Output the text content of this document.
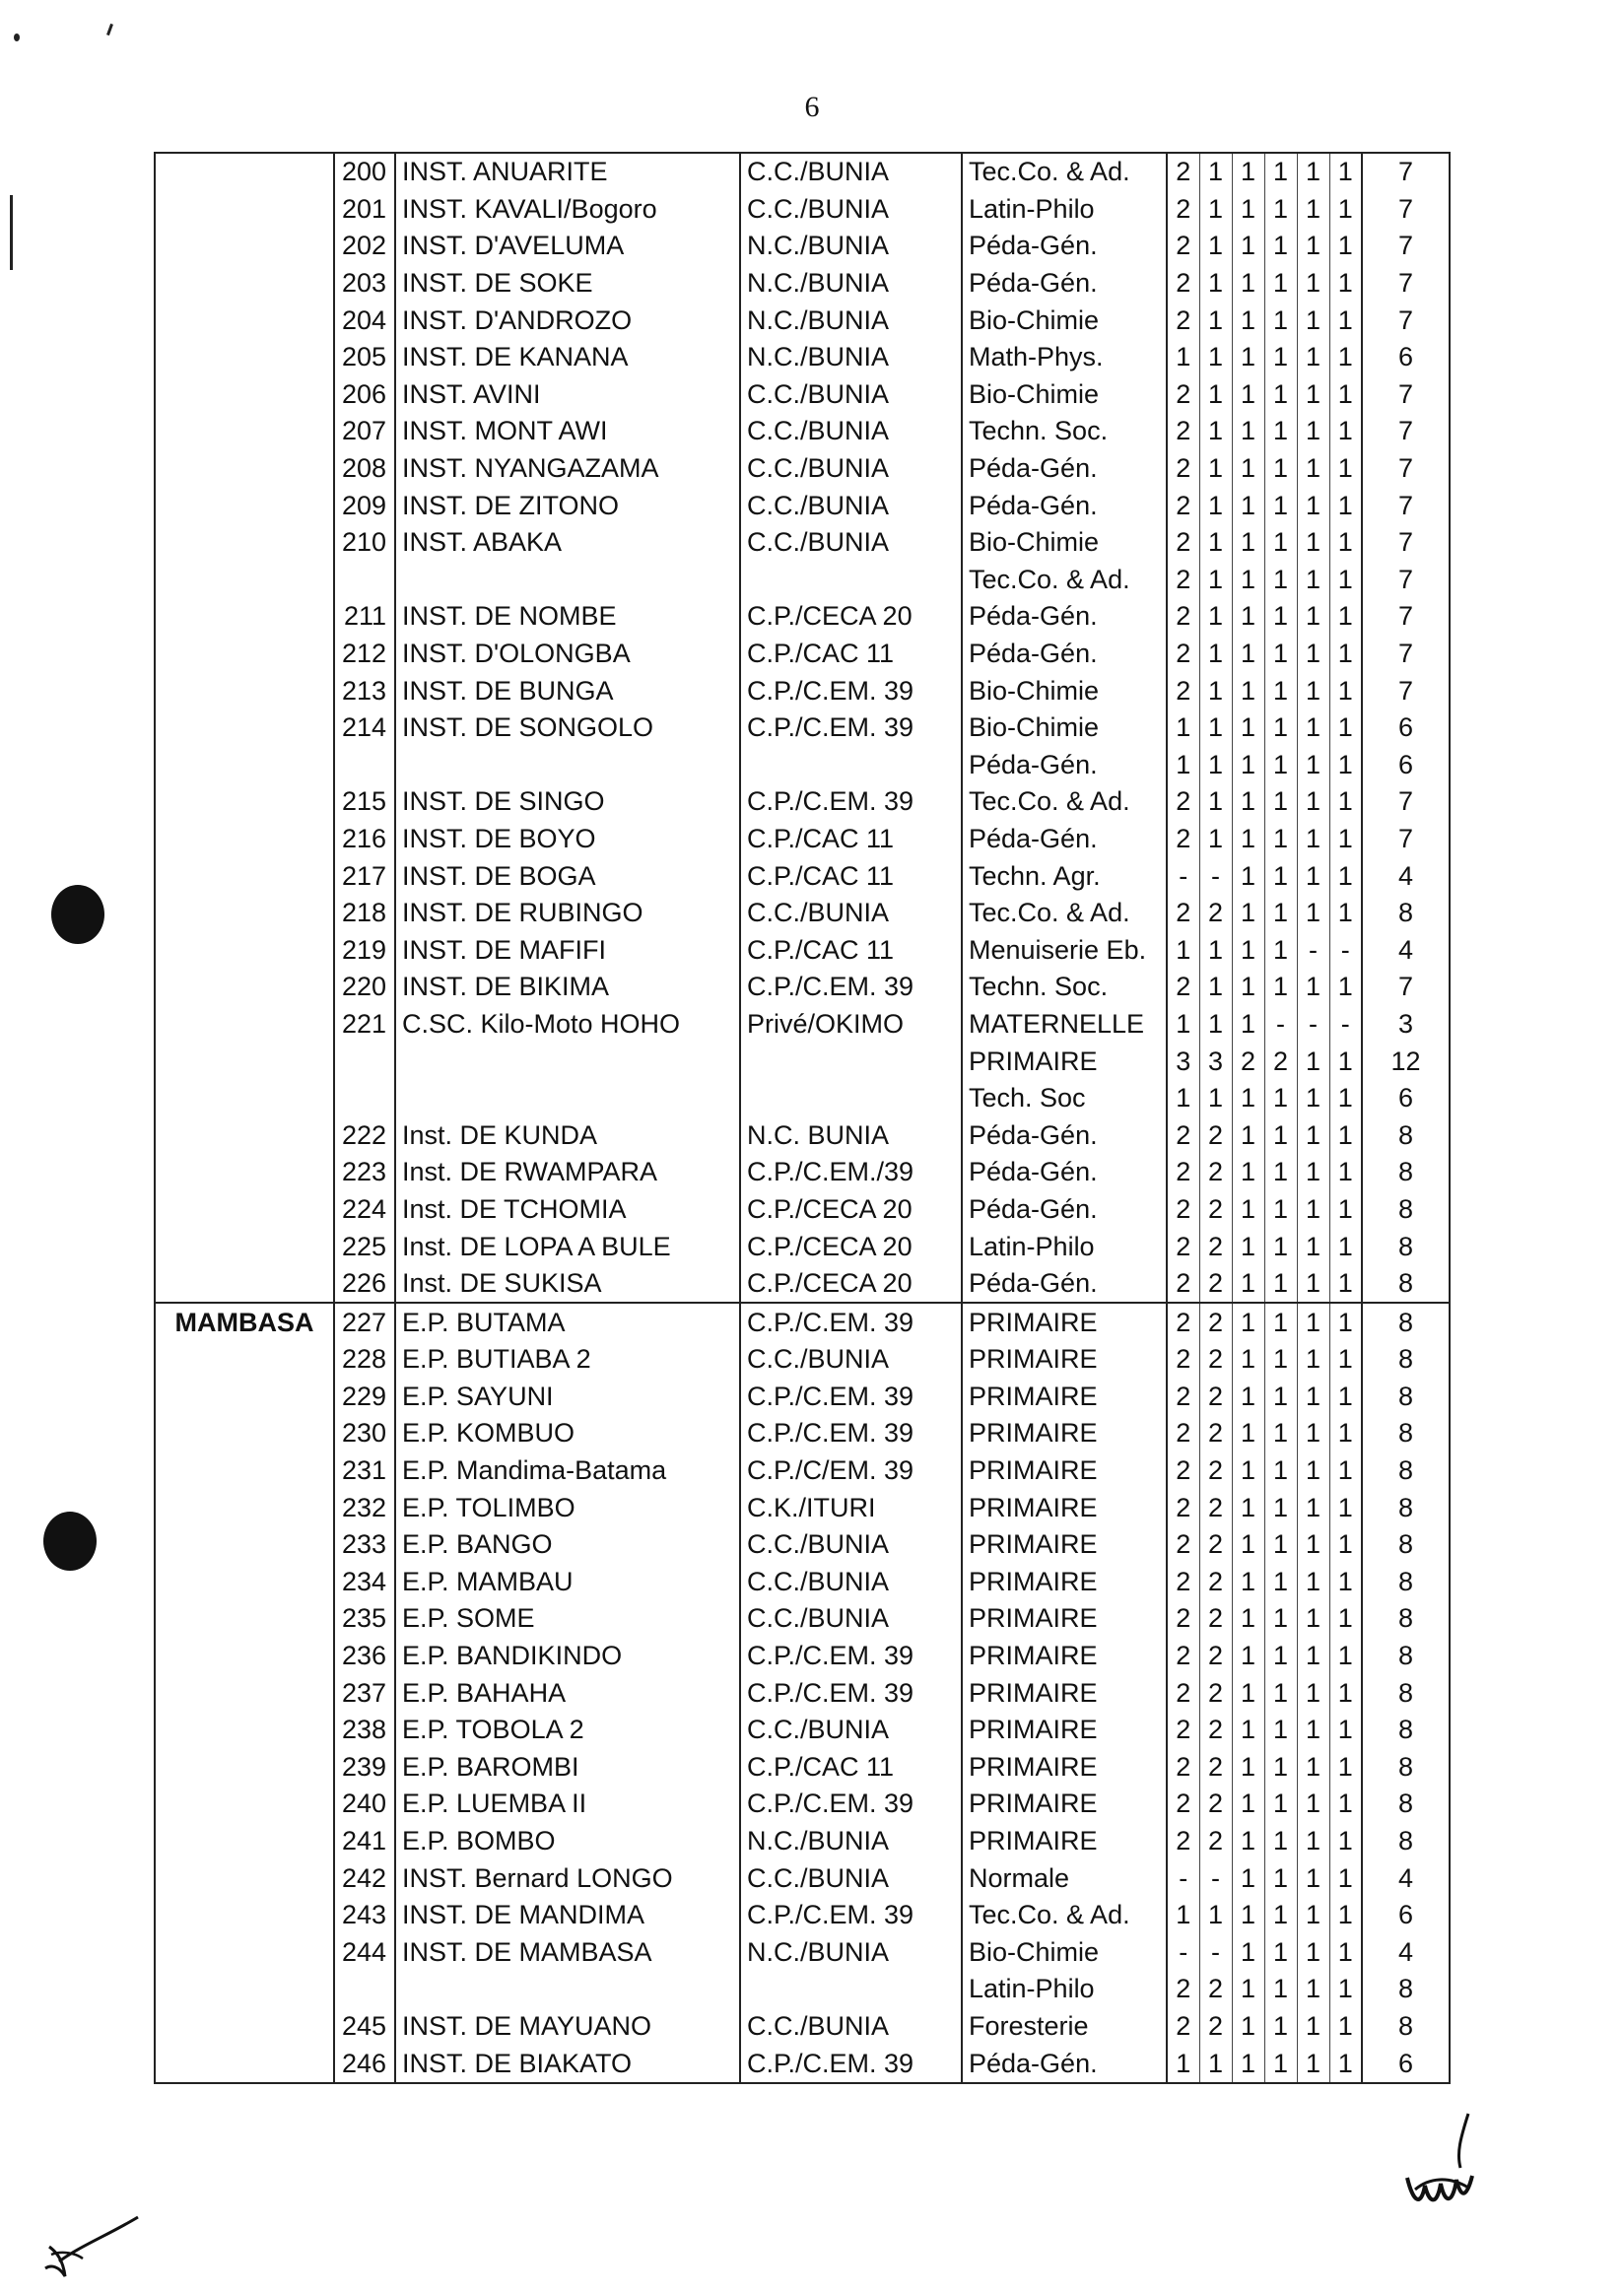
6
	200	INST. ANUARITE	C.C./BUNIA	Tec.Co. & Ad.	2	1	1	1	1	1	7
	201	INST. KAVALI/Bogoro	C.C./BUNIA	Latin-Philo	2	1	1	1	1	1	7
	202	INST. D'AVELUMA	N.C./BUNIA	Péda-Gén.	2	1	1	1	1	1	7
	203	INST. DE SOKE	N.C./BUNIA	Péda-Gén.	2	1	1	1	1	1	7
	204	INST. D'ANDROZO	N.C./BUNIA	Bio-Chimie	2	1	1	1	1	1	7
	205	INST. DE KANANA	N.C./BUNIA	Math-Phys.	1	1	1	1	1	1	6
	206	INST. AVINI	C.C./BUNIA	Bio-Chimie	2	1	1	1	1	1	7
	207	INST. MONT AWI	C.C./BUNIA	Techn. Soc.	2	1	1	1	1	1	7
	208	INST. NYANGAZAMA	C.C./BUNIA	Péda-Gén.	2	1	1	1	1	1	7
	209	INST. DE ZITONO	C.C./BUNIA	Péda-Gén.	2	1	1	1	1	1	7
	210	INST. ABAKA	C.C./BUNIA	Bio-Chimie	2	1	1	1	1	1	7
				Tec.Co. & Ad.	2	1	1	1	1	1	7
	211	INST. DE NOMBE	C.P./CECA 20	Péda-Gén.	2	1	1	1	1	1	7
	212	INST. D'OLONGBA	C.P./CAC 11	Péda-Gén.	2	1	1	1	1	1	7
	213	INST. DE BUNGA	C.P./C.EM. 39	Bio-Chimie	2	1	1	1	1	1	7
	214	INST. DE SONGOLO	C.P./C.EM. 39	Bio-Chimie	1	1	1	1	1	1	6
				Péda-Gén.	1	1	1	1	1	1	6
	215	INST. DE SINGO	C.P./C.EM. 39	Tec.Co. & Ad.	2	1	1	1	1	1	7
	216	INST. DE BOYO	C.P./CAC 11	Péda-Gén.	2	1	1	1	1	1	7
	217	INST. DE BOGA	C.P./CAC 11	Techn. Agr.	-	-	1	1	1	1	4
	218	INST. DE RUBINGO	C.C./BUNIA	Tec.Co. & Ad.	2	2	1	1	1	1	8
	219	INST. DE MAFIFI	C.P./CAC 11	Menuiserie Eb.	1	1	1	1	-	-	4
	220	INST. DE BIKIMA	C.P./C.EM. 39	Techn. Soc.	2	1	1	1	1	1	7
	221	C.SC. Kilo-Moto HOHO	Privé/OKIMO	MATERNELLE	1	1	1	-	-	-	3
				PRIMAIRE	3	3	2	2	1	1	12
				Tech. Soc	1	1	1	1	1	1	6
	222	Inst. DE KUNDA	N.C. BUNIA	Péda-Gén.	2	2	1	1	1	1	8
	223	Inst. DE RWAMPARA	C.P./C.EM./39	Péda-Gén.	2	2	1	1	1	1	8
	224	Inst. DE TCHOMIA	C.P./CECA 20	Péda-Gén.	2	2	1	1	1	1	8
	225	Inst. DE LOPA A BULE	C.P./CECA 20	Latin-Philo	2	2	1	1	1	1	8
	226	Inst. DE SUKISA	C.P./CECA 20	Péda-Gén.	2	2	1	1	1	1	8
MAMBASA	227	E.P. BUTAMA	C.P./C.EM. 39	PRIMAIRE	2	2	1	1	1	1	8
	228	E.P. BUTIABA 2	C.C./BUNIA	PRIMAIRE	2	2	1	1	1	1	8
	229	E.P. SAYUNI	C.P./C.EM. 39	PRIMAIRE	2	2	1	1	1	1	8
	230	E.P. KOMBUO	C.P./C.EM. 39	PRIMAIRE	2	2	1	1	1	1	8
	231	E.P. Mandima-Batama	C.P./C/EM. 39	PRIMAIRE	2	2	1	1	1	1	8
	232	E.P. TOLIMBO	C.K./ITURI	PRIMAIRE	2	2	1	1	1	1	8
	233	E.P. BANGO	C.C./BUNIA	PRIMAIRE	2	2	1	1	1	1	8
	234	E.P. MAMBAU	C.C./BUNIA	PRIMAIRE	2	2	1	1	1	1	8
	235	E.P. SOME	C.C./BUNIA	PRIMAIRE	2	2	1	1	1	1	8
	236	E.P. BANDIKINDO	C.P./C.EM. 39	PRIMAIRE	2	2	1	1	1	1	8
	237	E.P. BAHAHA	C.P./C.EM. 39	PRIMAIRE	2	2	1	1	1	1	8
	238	E.P. TOBOLA 2	C.C./BUNIA	PRIMAIRE	2	2	1	1	1	1	8
	239	E.P. BAROMBI	C.P./CAC 11	PRIMAIRE	2	2	1	1	1	1	8
	240	E.P. LUEMBA II	C.P./C.EM. 39	PRIMAIRE	2	2	1	1	1	1	8
	241	E.P. BOMBO	N.C./BUNIA	PRIMAIRE	2	2	1	1	1	1	8
	242	INST. Bernard LONGO	C.C./BUNIA	Normale	-	-	1	1	1	1	4
	243	INST. DE MANDIMA	C.P./C.EM. 39	Tec.Co. & Ad.	1	1	1	1	1	1	6
	244	INST. DE MAMBASA	N.C./BUNIA	Bio-Chimie	-	-	1	1	1	1	4
				Latin-Philo	2	2	1	1	1	1	8
	245	INST. DE MAYUANO	C.C./BUNIA	Foresterie	2	2	1	1	1	1	8
	246	INST. DE BIAKATO	C.P./C.EM. 39	Péda-Gén.	1	1	1	1	1	1	6
